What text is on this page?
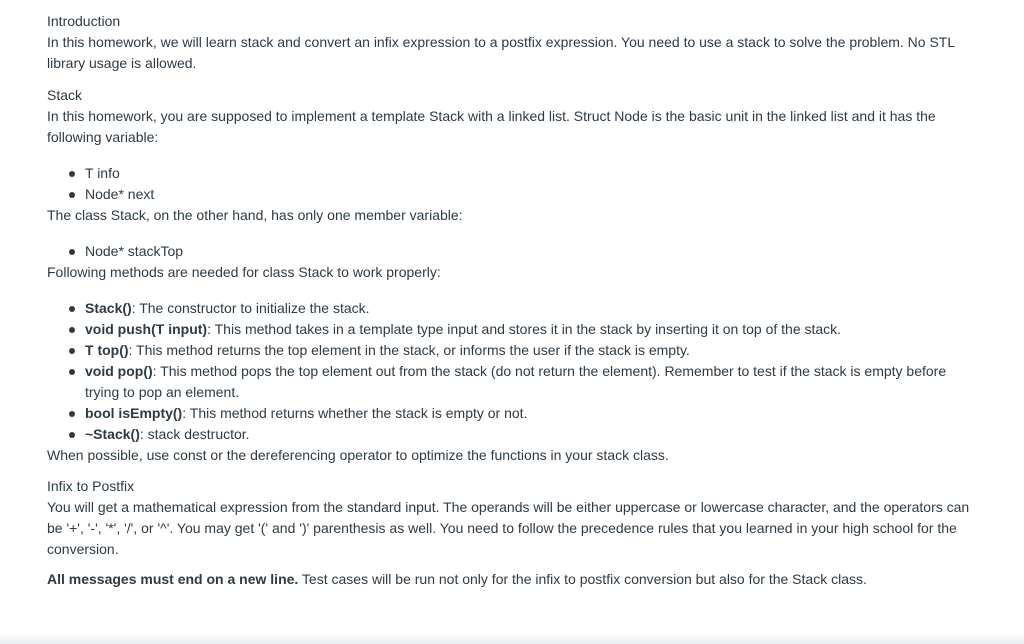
Introduction

In this homework, we will learn stack and convert an infix expression to a postfix expression. You need to use a stack to solve the problem. No STL library usage is allowed.

Stack

In this homework, you are supposed to implement a template Stack with a linked list. Struct Node is the basic unit in the linked list and it has the following variable:

T info
Node* next

The class Stack, on the other hand, has only one member variable:

Node* stackTop

Following methods are needed for class Stack to work properly:

Stack(): The constructor to initialize the stack.
void push(T input): This method takes in a template type input and stores it in the stack by inserting it on top of the stack.
T top(): This method returns the top element in the stack, or informs the user if the stack is empty.
void pop(): This method pops the top element out from the stack (do not return the element). Remember to test if the stack is empty before trying to pop an element.
bool isEmpty(): This method returns whether the stack is empty or not.
~Stack(): stack destructor.

When possible, use const or the dereferencing operator to optimize the functions in your stack class.

Infix to Postfix

You will get a mathematical expression from the standard input. The operands will be either uppercase or lowercase character, and the operators can be '+', '-', '*', '/', or '^'. You may get '(' and ')' parenthesis as well. You need to follow the precedence rules that you learned in your high school for the conversion.

All messages must end on a new line. Test cases will be run not only for the infix to postfix conversion but also for the Stack class.
